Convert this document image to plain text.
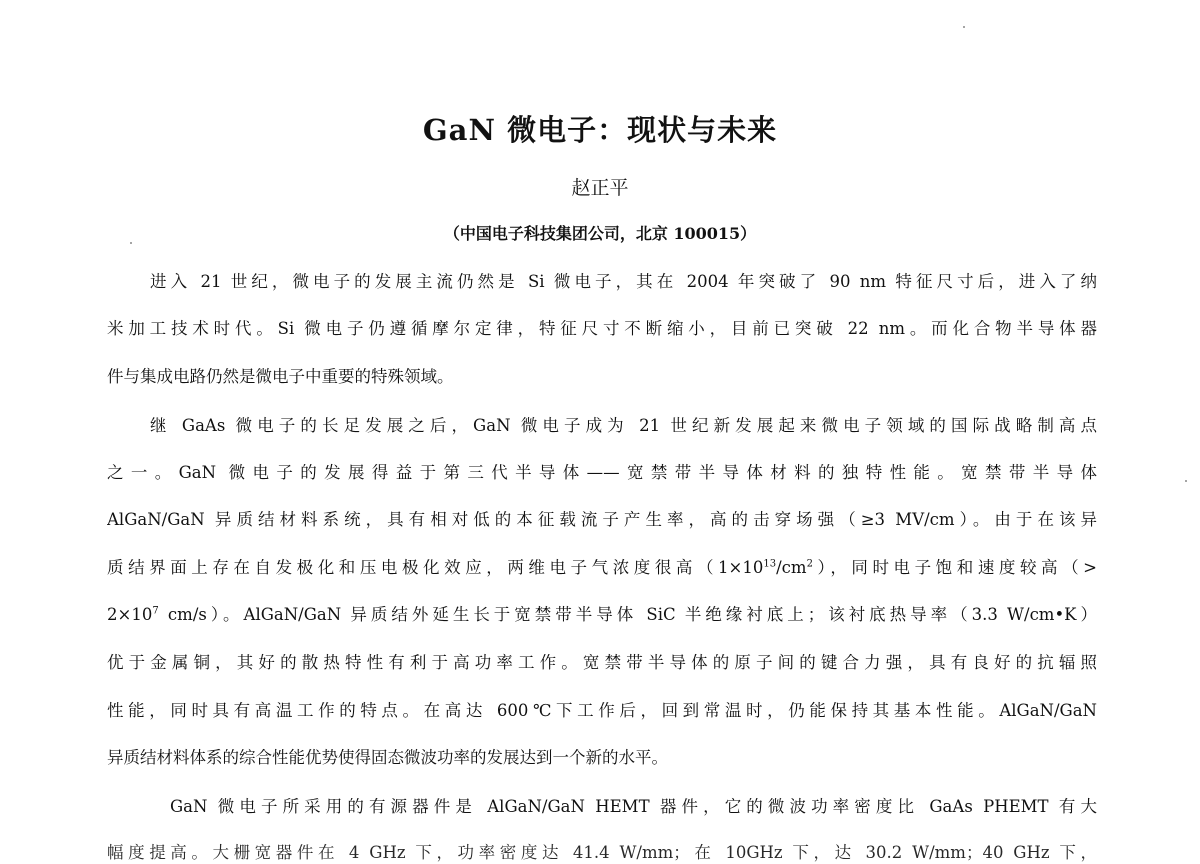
GaN 微电子：现状与未来
赵正平
（中国电子科技集团公司，北京 100015）
进入 21 世纪，微电子的发展主流仍然是 Si 微电子，其在 2004 年突破了 90 nm 特征尺寸后，进入了纳
米加工技术时代。Si 微电子仍遵循摩尔定律，特征尺寸不断缩小，目前已突破 22 nm。而化合物半导体器
件与集成电路仍然是微电子中重要的特殊领域。
继 GaAs 微电子的长足发展之后，GaN 微电子成为 21 世纪新发展起来微电子领域的国际战略制高点
之一。GaN 微电子的发展得益于第三代半导体——宽禁带半导体材料的独特性能。宽禁带半导体
AlGaN/GaN 异质结材料系统，具有相对低的本征载流子产生率，高的击穿场强（≥3 MV/cm）。由于在该异
质结界面上存在自发极化和压电极化效应，两维电子气浓度很高$(1\times 10^{13}/cm^2)$，同时电子饱和速度较高（>
$2\times 10^7$ cm/s）。AlGaN/GaN 异质结外延生长于宽禁带半导体 SiC 半绝缘衬底上；该衬底热导率（3.3 W/cm•K）
优于金属铜，其好的散热特性有利于高功率工作。宽禁带半导体的原子间的键合力强，具有良好的抗辐照
性能，同时具有高温工作的特点。在高达 600℃下工作后，回到常温时，仍能保持其基本性能。AlGaN/GaN
异质结材料体系的综合性能优势使得固态微波功率的发展达到一个新的水平。
GaN 微电子所采用的有源器件是 AlGaN/GaN HEMT 器件，它的微波功率密度比 GaAs PHEMT 有大
幅度提高。大栅宽器件在 4 GHz 下，功率密度达 41.4 W/mm；在 10GHz 下，达 30.2 W/mm；40 GHz 下，
